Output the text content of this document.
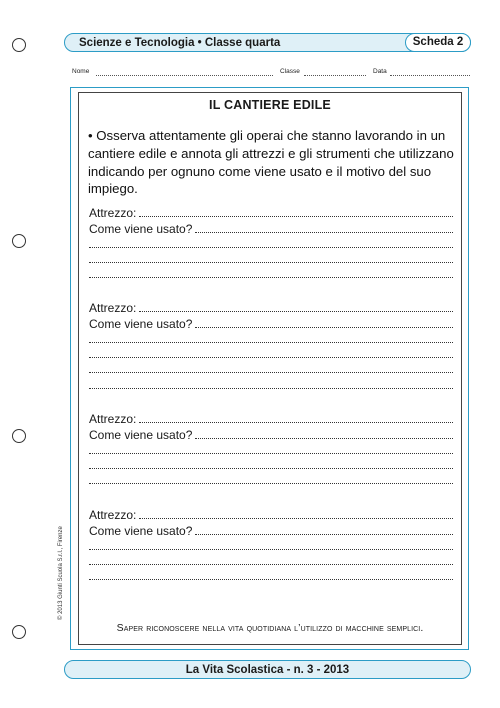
Scienze e Tecnologia • Classe quarta	Scheda 2
Nome	Classe	Data
IL CANTIERE EDILE
• Osserva attentamente gli operai che stanno lavorando in un cantiere edile e annota gli attrezzi e gli strumenti che utilizzano indicando per ognuno come viene usato e il motivo del suo impiego.
Attrezzo:
Come viene usato?
Attrezzo:
Come viene usato?
Attrezzo:
Come viene usato?
Attrezzo:
Come viene usato?
Saper riconoscere nella vita quotidiana l’utilizzo di macchine semplici.
© 2013 Giunti Scuola S.r.l., Firenze
La Vita Scolastica - n. 3 - 2013
